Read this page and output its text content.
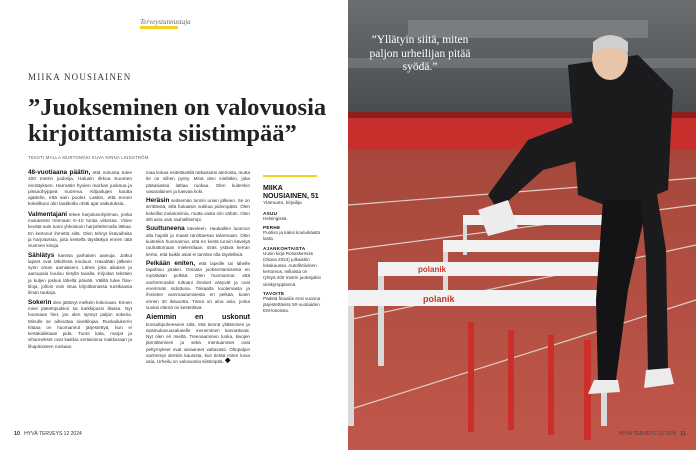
Terveystunnustaja
MIIKA NOUSIAINEN
”Juokseminen on valovuosia kirjoittamista siistimpää”
TEKSTI MALLA MURTOMÄKI KUVA NINNA LINDSTRÖM

48-vuotiaana päätin, että minusta tulee 400 metrin juoksija. Halusin rikkoa Suomen ennätyksen. Harrastin hyvien markan juoksua ja pissaohyppeä nuorena. Kilpailujen kautta ajattelin, että sain puolet. Laskin, että ennen kokeilkuni olin laatikolla ohitti ajat vaikutuksia.

Valmentajani tekee harjoitusohjelman, jonka mukaisesti treenaan 6–10 tuntia viikossa. Viime kevätä sain tuoni yhkoisuon harjoittelemalla lätkaa. En kertonut ihmettä siitä. Olen tehnyt lisävaiheita ja harjoituksia, joita kestellä täyslätkyä ennen tätä Suomen kisoja.

Sählätys kanssa parhaiten aamuja. Jotkut lapset ovat lähdössä kouluun. Hävatään jälkeen syön oman aamiaiseni. Lähes joka aikaisin ja aamupala kuuluu tietyllä tavalla. Kirjoitan tekstien ja kuljen joskus lähellä päivää. Välillä tulee flow-tiloja, jolloin voin istua kirjoittamassa tuntikausia ilman taukoja.

Sokerin olen jättänyt melkein kokonaan. Ennen mieti jäätelöpuikkoi tai karkkipussi illassa. Nyt huomaan hiet, jos olen syönyt paljon sokeria. Minulle se aiheuttaa niveltilojaa. Ruokailukerrin hitaaa on huomannut järjestettyä, kun ei kertakaikkiaan pidä. Tuore kala, marjat ja vihannekset ovat kaikkia vertaisinna makkaraan ja lihapitoiseen ruokaan.

maa kokaa esitettävällä ratkaisuksi ateriosta, mutta tie on siihen pyöry. Minä olen mielläkin, joka pääasiassa lattiaa ruokaa. Olen kuitenkin vasaralainen ja kasvaa koki.

Heräsin seitsemän tunnin unien jälkeen. Se on ärrittävää, sillä haluaisin nukkua pidempään. Olen kokeillut melatoniinia, mutta vasta niin vähän. Olen silti aina vain rauhallisempi.

Suuttuneena käveleen. Haukaillen luonnon alla hujaliit ja maast tarvittaessa talvemaan. Olen kuitenkin huomannut, että en kestä tunnin kävelyä rauhattomaan mielentilaan. Eräs ystävä kerran kertoi, että kaikki asiat ei tarvitse olla täydellisiä.

Pelkään eniten, että lapsille tai lähelle tapahtuu jotakin. Omasta juoksentamisesta en myöskään pelkää. Olen huomannut, että vanhemmaksi tultuani ihmiset väsyvät ja ovat enemmän sidottuna. Toisaalta kuolemasta ja ihmisten vammautumisesta en pelkää, kuten ennen 30 ikävuotta. Tämä on aina asia, jonka vuoksi elämä on kestettävä.

Aiemmin en uskonut konsultipuheeseen siitä, että tiennä ylittäminen ja epämukavuusalueelle meneminen kannattavat. Nyt olen eri mieltä. Treenaaminen tuoka, kivojen jännittäminen ja sekä mentuamiset ovat pettymykset ovat ainaaneet valtavasti. Oltopaljon vanhempi olenkin kaunista, kun tietää miten kova asia. Urheilu on valovuosia siistimpää.

MIIKA NOUSIAINEN, 51
Ylämuoto, kirjailija
ASUU
Helsingissä.
PERHE
Puoliso ja kaksi kouluikäistä lasta.
AJANKOHTAISTA
Uusin kirja Rotoiskemiss (Otava 2024) julkaistiin lokakuussa. Autofiktiivinen kertomus, millaista on ryhtyä 400 metrin juoksijaksi viisikymppisenä.
TAVOITE
Päästä finaaliin ensi vuonna järjestettäviss 50-vuotiaiden EM-kisoissa.
10 HYVÄ TERVEYS 12 2024
polanik
polanik
”Yllätyin siitä, miten paljon urheilijan pitää syödä.”
HYVÄ TERVEYS 12 2024 11
